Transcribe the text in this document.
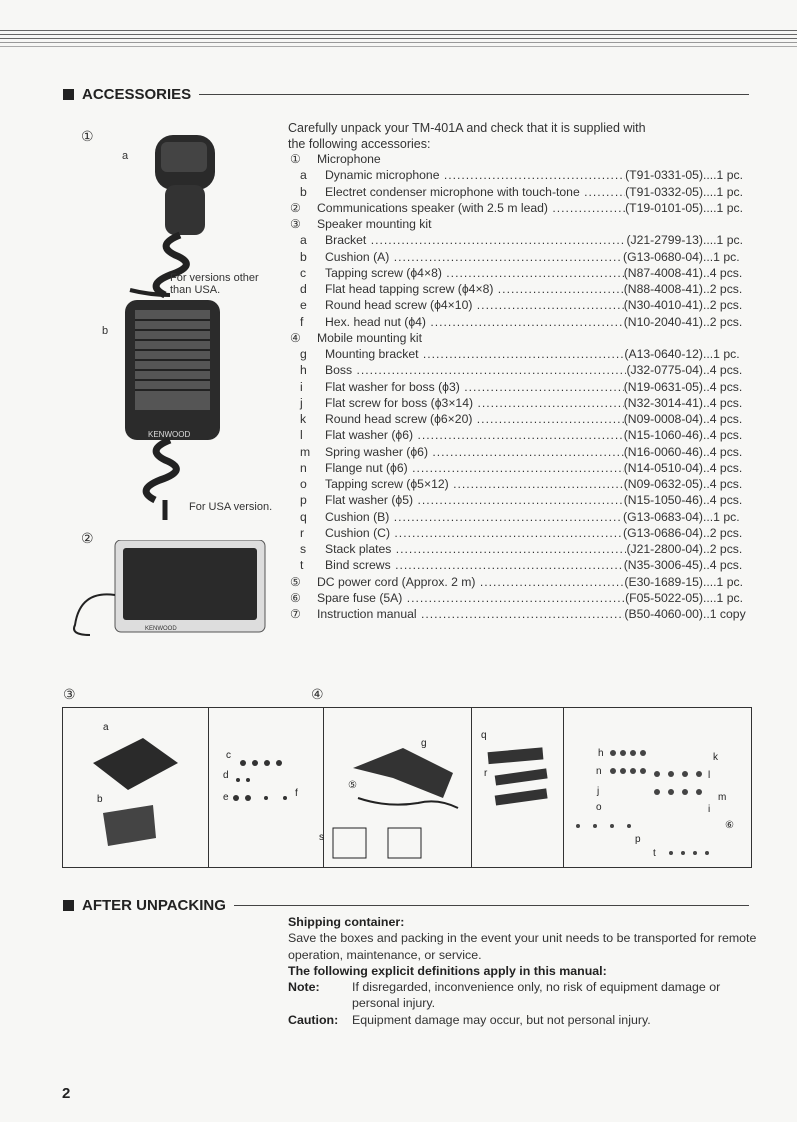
ACCESSORIES
①
a
For versions other than USA.
b
KENWOOD
For USA version.
②
KENWOOD
③	④
a
b
c
d
e	f
g
⑤
s
q
r
h
n
j
o
p
t
k
l
m
i
⑥
Carefully unpack your TM-401A and check that it is supplied with the following accessories:
①	Microphone
a	Dynamic microphone .....	(T91-0331-05) ....1 pc.
b	Electret condenser microphone with touch-tone .....	(T91-0332-05) ....1 pc.
②	Communications speaker (with 2.5 m lead) .....	(T19-0101-05) ....1 pc.
③	Speaker mounting kit
a	Bracket .....	(J21-2799-13) ....1 pc.
b	Cushion (A) .....	(G13-0680-04) ...1 pc.
c	Tapping screw (ϕ4×8) .....	(N87-4008-41) ..4 pcs.
d	Flat head tapping screw (ϕ4×8) .....	(N88-4008-41) ..2 pcs.
e	Round head screw (ϕ4×10) .....	(N30-4010-41) ..2 pcs.
f	Hex. head nut (ϕ4) .....	(N10-2040-41) ..2 pcs.
④	Mobile mounting kit
g	Mounting bracket .....	(A13-0640-12) ...1 pc.
h	Boss .....	(J32-0775-04) ..4 pcs.
i	Flat washer for boss (ϕ3) .....	(N19-0631-05) ..4 pcs.
j	Flat screw for boss (ϕ3×14) .....	(N32-3014-41) ..4 pcs.
k	Round head screw (ϕ6×20) .....	(N09-0008-04) ..4 pcs.
l	Flat washer (ϕ6) .....	(N15-1060-46) ..4 pcs.
m	Spring washer (ϕ6) .....	(N16-0060-46) ..4 pcs.
n	Flange nut (ϕ6) .....	(N14-0510-04) ..4 pcs.
o	Tapping screw (ϕ5×12) .....	(N09-0632-05) ..4 pcs.
p	Flat washer (ϕ5) .....	(N15-1050-46) ..4 pcs.
q	Cushion (B) .....	(G13-0683-04) ...1 pc.
r	Cushion (C) .....	(G13-0686-04) ..2 pcs.
s	Stack plates .....	(J21-2800-04) ..2 pcs.
t	Bind screws .....	(N35-3006-45) ..4 pcs.
⑤	DC power cord (Approx. 2 m) .....	(E30-1689-15) ....1 pc.
⑥	Spare fuse (5A) .....	(F05-5022-05) ....1 pc.
⑦	Instruction manual .....	(B50-4060-00) ..1 copy
AFTER UNPACKING
Shipping container:
Save the boxes and packing in the event your unit needs to be transported for remote operation, maintenance, or service.
The following explicit definitions apply in this manual:
Note:	If disregarded, inconvenience only, no risk of equipment damage or personal injury.
Caution:	Equipment damage may occur, but not personal injury.
2
